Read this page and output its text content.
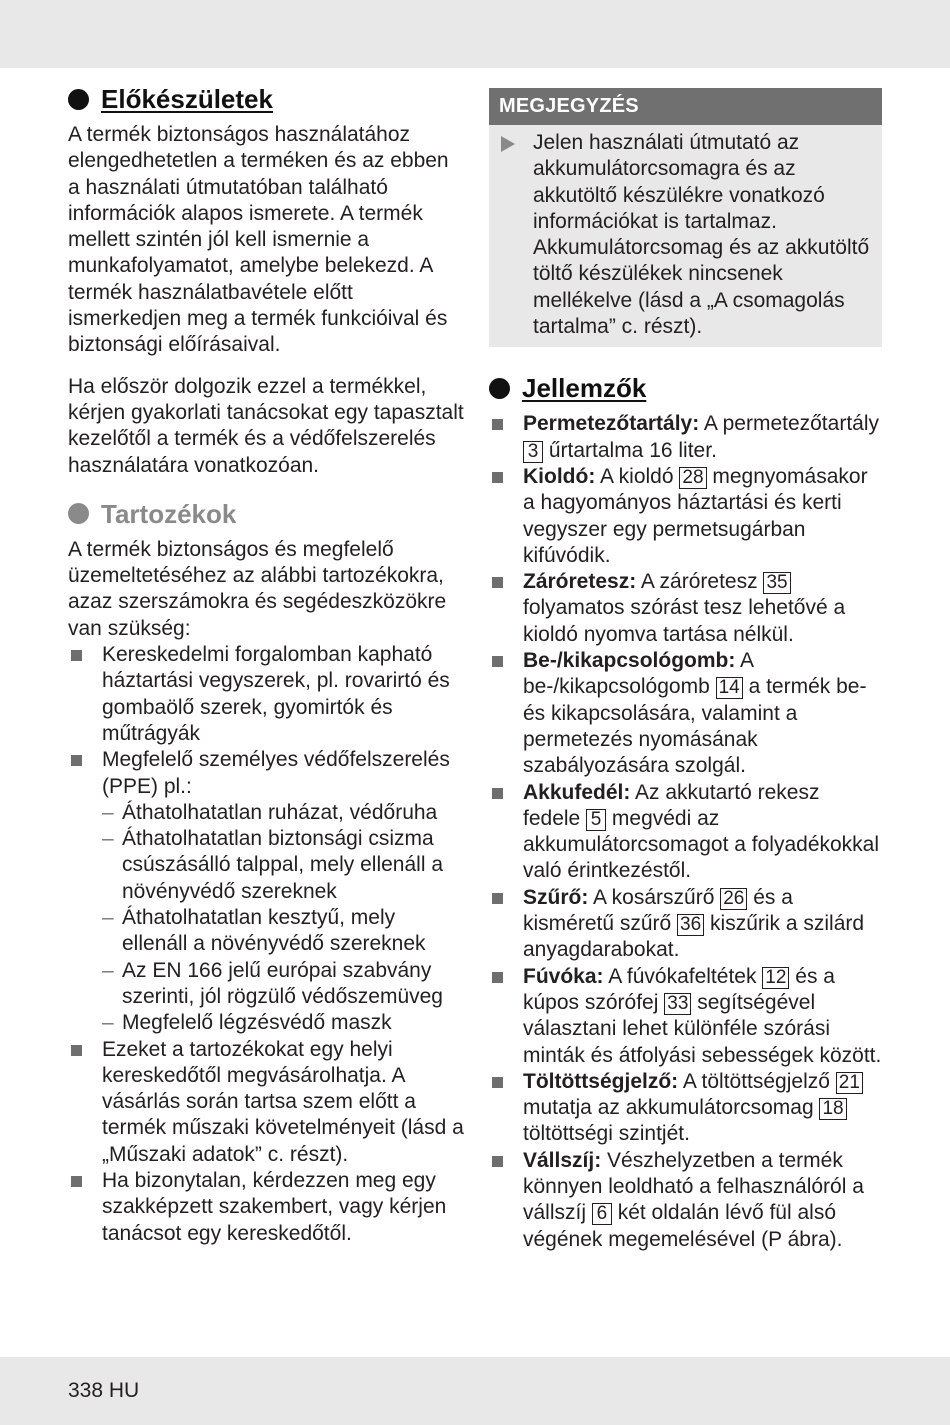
Előkészületek

A termék biztonságos használatához elengedhetetlen a terméken és az ebben a használati útmutatóban található információk alapos ismerete. A termék mellett szintén jól kell ismernie a munkafolyamatot, amelybe belekezd. A termék használatbavétele előtt ismerkedjen meg a termék funkcióival és biztonsági előírásaival.

Ha először dolgozik ezzel a termékkel, kérjen gyakorlati tanácsokat egy tapasztalt kezelőtől a termék és a védőfelszerelés használatára vonatkozóan.

Tartozékok

A termék biztonságos és megfelelő üzemeltetéséhez az alábbi tartozékokra, azaz szerszámokra és segédeszközökre van szükség:

Kereskedelmi forgalomban kapható háztartási vegyszerek, pl. rovarirtó és gombaölő szerek, gyomirtók és műtrágyák
Megfelelő személyes védőfelszerelés (PPE) pl.:
– Áthatolhatatlan ruházat, védőruha
– Áthatolhatatlan biztonsági csizma csúszásálló talppal, mely ellenáll a növényvédő szereknek
– Áthatolhatatlan kesztyű, mely ellenáll a növényvédő szereknek
– Az EN 166 jelű európai szabvány szerinti, jól rögzülő védőszemüveg
– Megfelelő légzésvédő maszk
Ezeket a tartozékokat egy helyi kereskedőtől megvásárolhatja. A vásárlás során tartsa szem előtt a termék műszaki követelményeit (lásd a „Műszaki adatok” c. részt).
Ha bizonytalan, kérdezzen meg egy szakképzett szakembert, vagy kérjen tanácsot egy kereskedőtől.
MEGJEGYZÉS
Jelen használati útmutató az akkumulátorcsomagra és az akkutöltő készülékre vonatkozó információkat is tartalmaz. Akkumulátorcsomag és az akkutöltő töltő készülékek nincsenek mellékelve (lásd a „A csomagolás tartalma” c. részt).
Jellemzők
Permetezőtartály: A permetezőtartály 3 űrtartalma 16 liter.
Kioldó: A kioldó 28 megnyomásakor a hagyományos háztartási és kerti vegyszer egy permetsugárban kifúvódik.
Záróretesz: A záróretesz 35 folyamatos szórást tesz lehetővé a kioldó nyomva tartása nélkül.
Be-/kikapcsológomb: A be-/kikapcsológomb 14 a termék be- és kikapcsolására, valamint a permetezés nyomásának szabályozására szolgál.
Akkufedél: Az akkutartó rekesz fedele 5 megvédi az akkumulátorcsomagot a folyadékokkal való érintkezéstől.
Szűrő: A kosárszűrő 26 és a kisméretű szűrő 36 kiszűrik a szilárd anyagdarabokat.
Fúvóka: A fúvókafeltétek 12 és a kúpos szórófej 33 segítségével választani lehet különféle szórási minták és átfolyási sebességek között.
Töltöttségjelző: A töltöttségjelző 21 mutatja az akkumulátorcsomag 18 töltöttségi szintjét.
Vállszíj: Vészhelyzetben a termék könnyen leoldható a felhasználóról a vállszíj 6 két oldalán lévő fül alsó végének megemelésével (P ábra).
338 HU
